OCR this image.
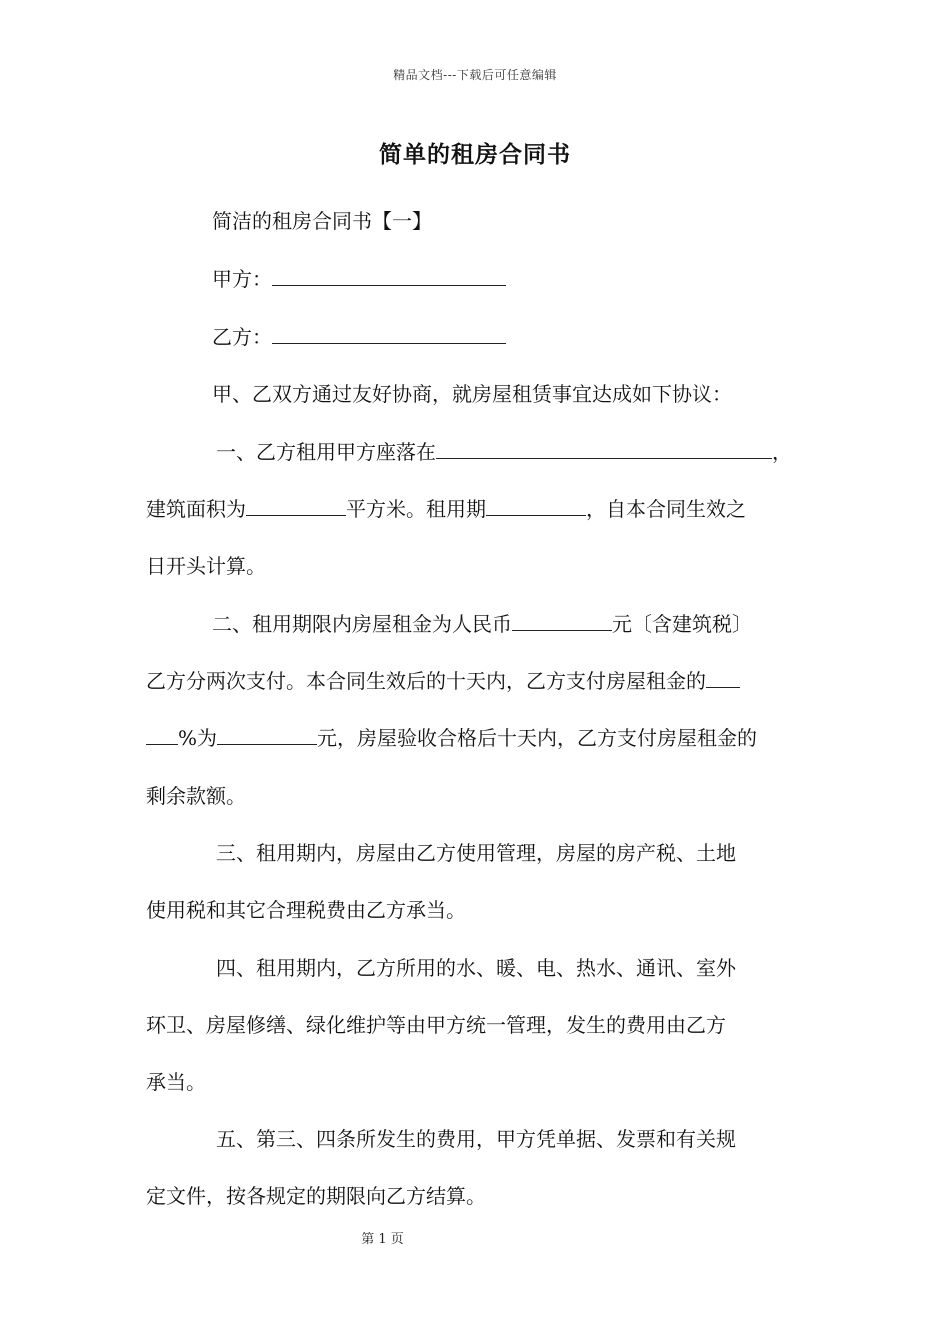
精品文档---下载后可任意编辑
简单的租房合同书
简洁的租房合同书【一】
甲方：
乙方：
甲、乙双方通过友好协商，就房屋租赁事宜达成如下协议：
一、乙方租用甲方座落在	，
建筑面积为	平方米。租用期	，自本合同生效之
日开头计算。
二、租用期限内房屋租金为人民币	元〔含建筑税〕
乙方分两次支付。本合同生效后的十天内，乙方支付房屋租金的
%为	元，房屋验收合格后十天内，乙方支付房屋租金的
剩余款额。
三、租用期内，房屋由乙方使用管理，房屋的房产税、土地
使用税和其它合理税费由乙方承当。
四、租用期内，乙方所用的水、暖、电、热水、通讯、室外
环卫、房屋修缮、绿化维护等由甲方统一管理，发生的费用由乙方
承当。
五、第三、四条所发生的费用，甲方凭单据、发票和有关规
定文件，按各规定的期限向乙方结算。
第 1 页
